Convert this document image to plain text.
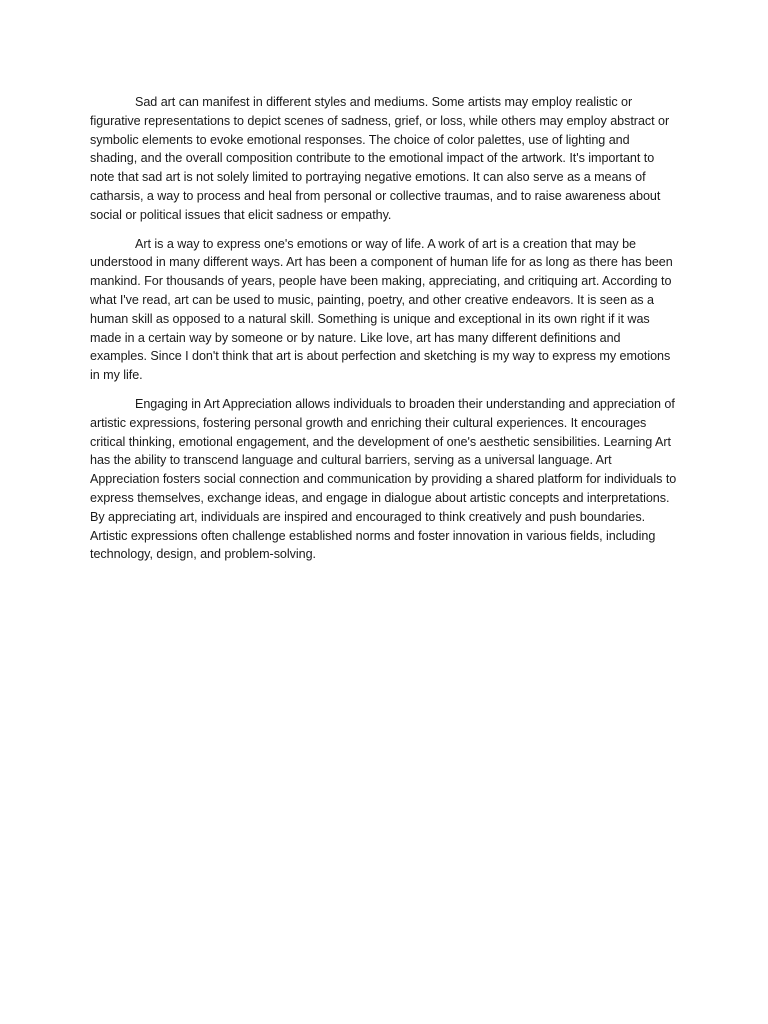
Sad art can manifest in different styles and mediums. Some artists may employ realistic or figurative representations to depict scenes of sadness, grief, or loss, while others may employ abstract or symbolic elements to evoke emotional responses. The choice of color palettes, use of lighting and shading, and the overall composition contribute to the emotional impact of the artwork. It's important to note that sad art is not solely limited to portraying negative emotions. It can also serve as a means of catharsis, a way to process and heal from personal or collective traumas, and to raise awareness about social or political issues that elicit sadness or empathy.

Art is a way to express one's emotions or way of life. A work of art is a creation that may be understood in many different ways. Art has been a component of human life for as long as there has been mankind. For thousands of years, people have been making, appreciating, and critiquing art. According to what I've read, art can be used to music, painting, poetry, and other creative endeavors. It is seen as a human skill as opposed to a natural skill. Something is unique and exceptional in its own right if it was made in a certain way by someone or by nature. Like love, art has many different definitions and examples. Since I don't think that art is about perfection and sketching is my way to express my emotions in my life.

Engaging in Art Appreciation allows individuals to broaden their understanding and appreciation of artistic expressions, fostering personal growth and enriching their cultural experiences. It encourages critical thinking, emotional engagement, and the development of one's aesthetic sensibilities. Learning Art has the ability to transcend language and cultural barriers, serving as a universal language. Art Appreciation fosters social connection and communication by providing a shared platform for individuals to express themselves, exchange ideas, and engage in dialogue about artistic concepts and interpretations. By appreciating art, individuals are inspired and encouraged to think creatively and push boundaries. Artistic expressions often challenge established norms and foster innovation in various fields, including technology, design, and problem-solving.
